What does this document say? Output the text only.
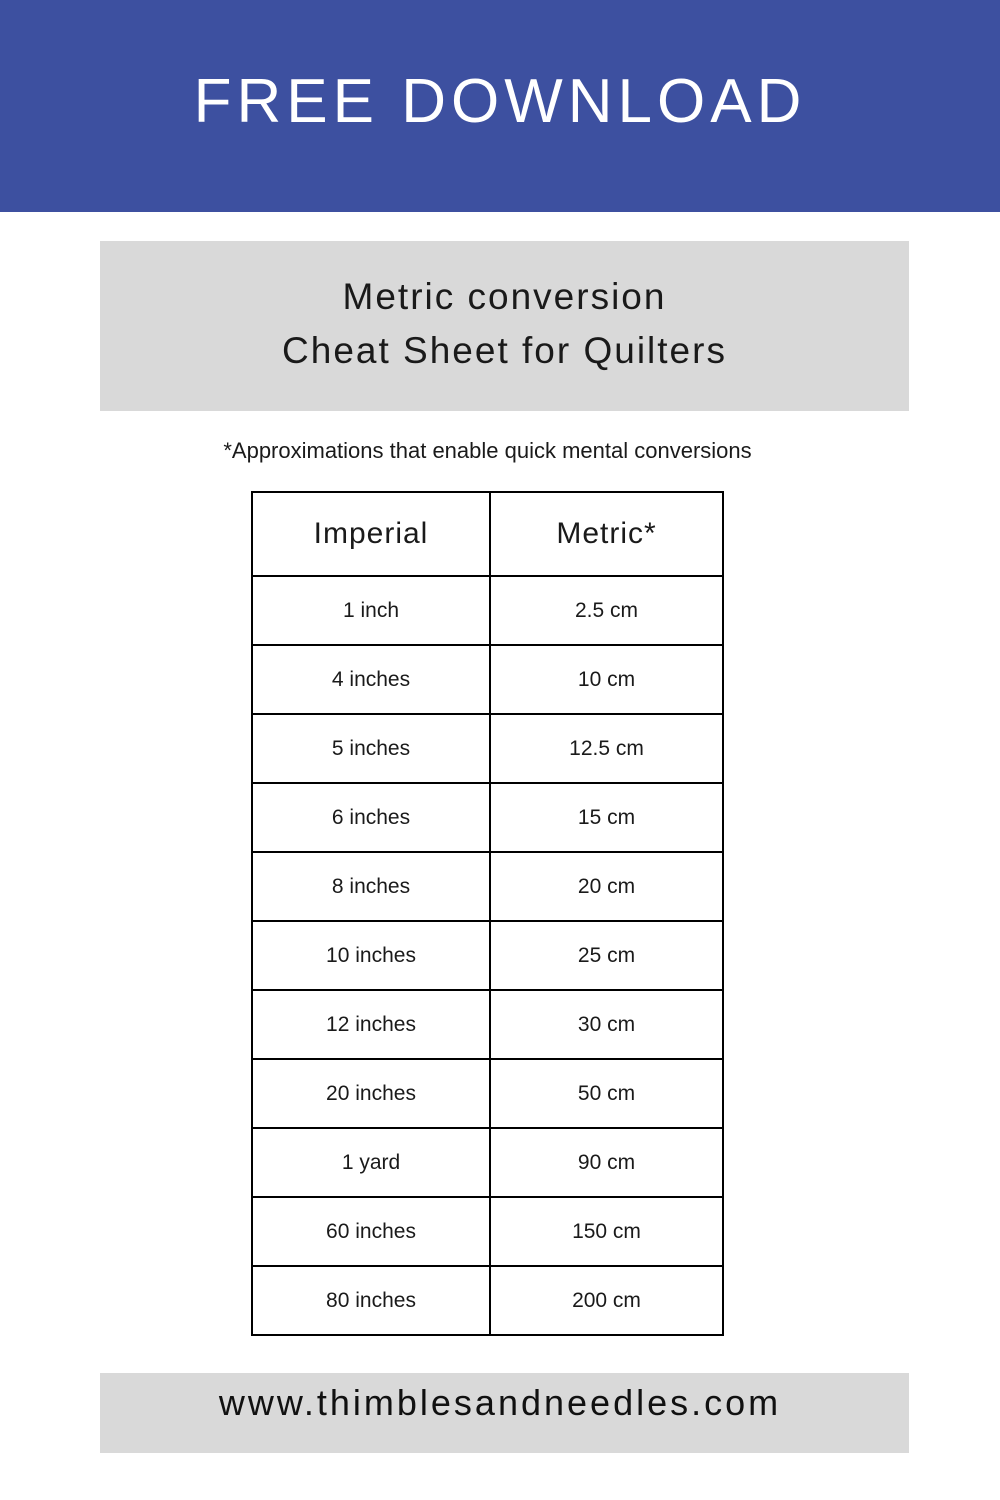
FREE DOWNLOAD
Metric conversion
Cheat Sheet for Quilters
*Approximations that enable quick mental conversions
Imperial	Metric*
1 inch	2.5 cm
4 inches	10 cm
5 inches	12.5 cm
6 inches	15 cm
8 inches	20 cm
10 inches	25 cm
12 inches	30 cm
20 inches	50 cm
1 yard	90 cm
60 inches	150 cm
80 inches	200 cm
www.thimblesandneedles.com
